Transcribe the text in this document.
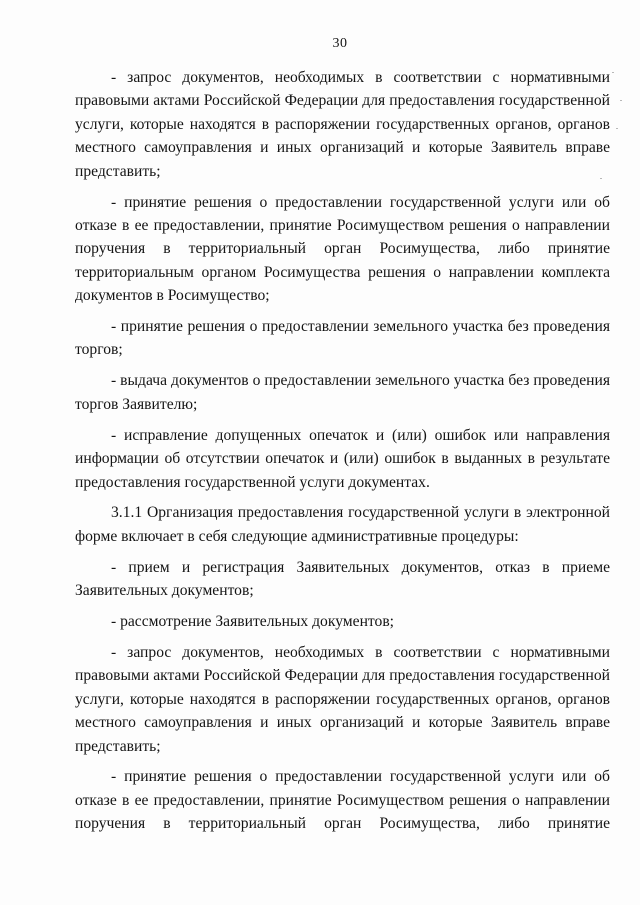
30

- запрос документов, необходимых в соответствии с нормативными правовыми актами Российской Федерации для предоставления государственной услуги, которые находятся в распоряжении государственных органов, органов местного самоуправления и иных организаций и которые Заявитель вправе представить;

- принятие решения о предоставлении государственной услуги или об отказе в ее предоставлении, принятие Росимуществом решения о направлении поручения в территориальный орган Росимущества, либо принятие территориальным органом Росимущества решения о направлении комплекта документов в Росимущество;

- принятие решения о предоставлении земельного участка без проведения торгов;

- выдача документов о предоставлении земельного участка без проведения торгов Заявителю;

- исправление допущенных опечаток и (или) ошибок или направления информации об отсутствии опечаток и (или) ошибок в выданных в результате предоставления государственной услуги документах.

3.1.1 Организация предоставления государственной услуги в электронной форме включает в себя следующие административные процедуры:

- прием и регистрация Заявительных документов, отказ в приеме Заявительных документов;

- рассмотрение Заявительных документов;

- запрос документов, необходимых в соответствии с нормативными правовыми актами Российской Федерации для предоставления государственной услуги, которые находятся в распоряжении государственных органов, органов местного самоуправления и иных организаций и которые Заявитель вправе представить;

- принятие решения о предоставлении государственной услуги или об отказе в ее предоставлении, принятие Росимуществом решения о направлении поручения в территориальный орган Росимущества, либо принятие
